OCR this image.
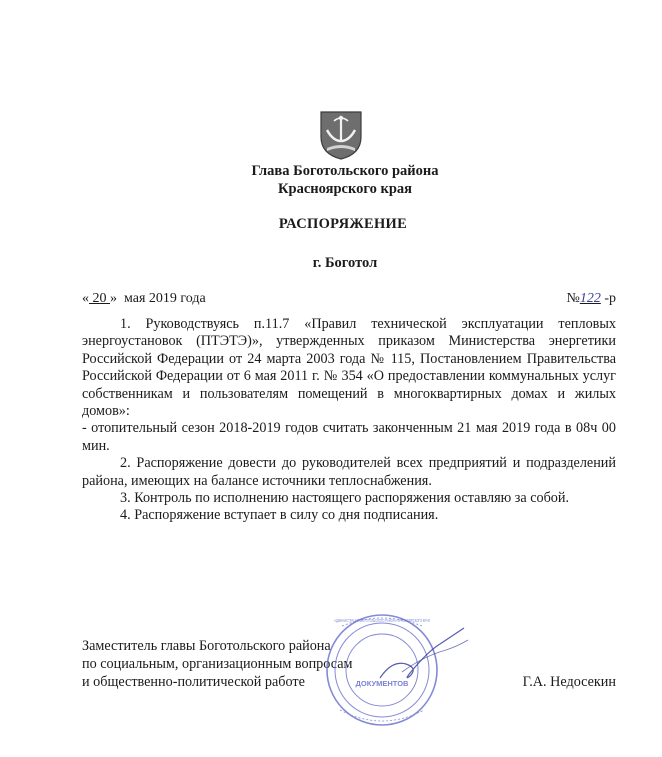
Глава Боготольского района
Красноярского края
РАСПОРЯЖЕНИЕ
г. Боготол
« 20 »  мая 2019 года	№122 -р

1. Руководствуясь п.11.7 «Правил технической эксплуатации тепловых энергоустановок (ПТЭТЭ)», утвержденных приказом Министерства энергетики Российской Федерации от 24 марта 2003 года № 115, Постановлением Правительства Российской Федерации от 6 мая 2011 г. № 354 «О предоставлении коммунальных услуг собственникам и пользователям помещений в многоквартирных домах и жилых домов»:

- отопительный сезон 2018-2019 годов считать законченным 21 мая 2019 года в 08ч 00 мин.

2. Распоряжение довести до руководителей всех предприятий и подразделений района, имеющих на балансе источники теплоснабжения.

3. Контроль по исполнению настоящего распоряжения оставляю за собой.

4. Распоряжение вступает в силу со дня подписания.

Заместитель главы Боготольского района
по социальным, организационным вопросам
и общественно-политической работе	Г.А. Недосекин
ДОКУМЕНТОВ
АДМИНИСТРАЦИЯ БОГОТОЛЬСКОГО РАЙОНА КРАСНОЯРСКОГО КРАЯ
